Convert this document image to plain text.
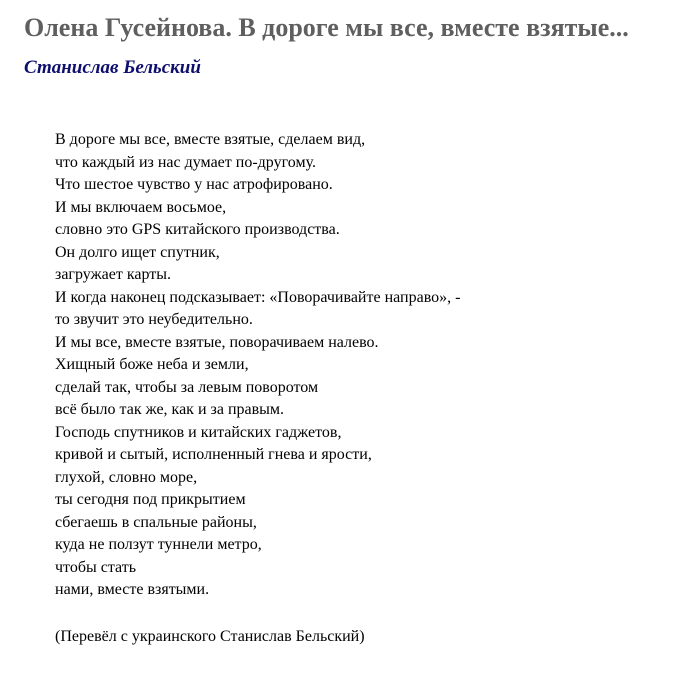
Олена Гусейнова. В дороге мы все, вместе взятые...
Станислав Бельский
В дороге мы все, вместе взятые, сделаем вид,
что каждый из нас думает по-другому.
Что шестое чувство у нас атрофировано.
И мы включаем восьмое,
словно это GPS китайского производства.
Он долго ищет спутник,
загружает карты.
И когда наконец подсказывает: «Поворачивайте направо», -
то звучит это неубедительно.
И мы все, вместе взятые, поворачиваем налево.
Хищный боже неба и земли,
сделай так, чтобы за левым поворотом
всё было так же, как и за правым.
Господь спутников и китайских гаджетов,
кривой и сытый, исполненный гнева и ярости,
глухой, словно море,
ты сегодня под прикрытием
сбегаешь в спальные районы,
куда не ползут туннели метро,
чтобы стать
нами, вместе взятыми.

(Перевёл с украинского Станислав Бельский)
